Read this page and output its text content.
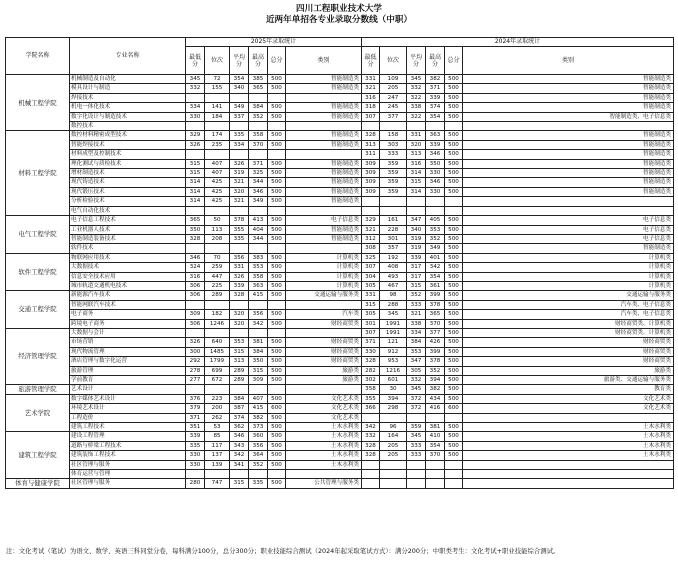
四川工程职业技术大学
近两年单招各专业录取分数线（中职）
学院名称	专业名称	2025年录取统计						2024年录取统计					
		最低分	位次	平均分	最高分	总分	类别	最低分	位次	平均分	最高分	总分	类别
机械工程学院	机械制造及自动化	345	72	354	385	500	智能制造类	331	109	345	382	500	智能制造类
	模具设计与制造	332	155	340	365	500	智能制造类	321	205	332	371	500	智能制造类
	焊接技术							316	247	322	339	500	智能制造类
	机电一体化技术	334	141	349	384	500	智能制造类	318	245	338	374	500	智能制造类
	数字化设计与制造技术	330	184	337	352	500	智能制造类	307	377	322	354	500	智能制造类、电子信息类
	数控技术												
材料工程学院	数控材料精密成型技术	329	174	335	358	500	智能制造类	328	158	331	363	500	智能制造类
	智能焊接技术	326	235	334	370	500	智能制造类	313	303	320	339	500	智能制造类
	材料成型及控制技术							311	333	313	346	500	智能制造类
	理化测试与质检技术	315	407	326	371	500	智能制造类	309	359	316	350	500	智能制造类
	增材制造技术	315	407	319	325	500	智能制造类	309	359	314	330	500	智能制造类
	现代铸造技术	314	425	321	344	500	智能制造类	309	359	315	346	500	智能制造类
	现代锻压技术	314	425	320	346	500	智能制造类	309	359	314	330	500	智能制造类
	分析检验技术	314	425	321	349	500	智能制造类						
	电气自动化技术												
电气工程学院	电子信息工程技术	365	50	378	413	500	电子信息类	329	161	347	405	500	电子信息类
	工业机器人技术	350	113	355	404	500	智能制造类	321	228	340	353	500	电子信息类
	智能制造装备技术	328	208	335	344	500	智能制造类	312	301	319	352	500	电子信息类
	软件技术							308	357	319	349	500	智能制造类
软件工程学院	物联网应用技术	346	70	356	383	500	计算机类	325	192	339	401	500	计算机类
	大数据技术	324	259	331	353	500	计算机类	307	408	317	342	500	计算机类
	信息安全技术应用	316	447	326	358	500	计算机类	304	493	317	354	500	计算机类
	城市轨道交通机电技术	306	225	339	363	500	计算机类	305	467	315	361	500	计算机类
交通工程学院	新能源汽车技术	306	289	328	415	500	交通运输与服务类	331	98	352	399	500	交通运输与服务类
	智能网联汽车技术							315	288	333	378	500	汽车类、电子信息类
	电子商务	309	182	320	356	500	汽车类	305	345	321	365	500	汽车类、电子信息类
	跨境电子商务	306	1246	320	342	500	财经商贸类	301	1991	338	370	500	财经商贸类、计算机类
经济管理学院	大数据与会计							307	1991	334	377	500	财经商贸类、计算机类
	市场营销	326	640	353	381	500	财经商贸类	371	121	384	426	500	财经商贸类
	现代物流管理	300	1485	315	384	500	财经商贸类	330	912	353	399	500	财经商贸类
	酒店管理与数字化运营	292	1799	313	350	500	财经商贸类	328	953	347	378	500	财经商贸类
	旅游管理	278	699	289	315	500	旅游类	282	1216	305	352	500	旅游类
	学前教育	277	672	289	309	500	旅游类	302	601	332	394	500	旅游类、交通运输与服务类
旅游管理学院	艺术设计							358	30	345	382	500	教育类
艺术学院	数字媒体艺术设计	376	223	384	407	500	文化艺术类	355	394	372	434	500	文化艺术类
	环境艺术设计	379	200	387	415	600	文化艺术类	366	298	372	416	600	文化艺术类
	工程造价	371	262	374	382	500	文化艺术类						
	建筑工程技术	351	53	362	373	500	土木水利类	342	96	359	381	500	土木水利类
建筑工程学院	建设工程管理	339	85	346	360	500	土木水利类	332	164	345	410	500	土木水利类
	道路与桥梁工程技术	335	117	343	356	500	土木水利类	328	205	333	354	500	土木水利类
	建筑装饰工程技术	330	137	342	364	500	土木水利类	328	205	333	370	500	土木水利类
	社区管理与服务	330	139	341	352	500	土木水利类						
	体育运营与管理												
体育与健康学院	社区管理与服务	280	747	315	335	500	公共管理与服务类						
注：文化考试（笔试）为语文、数学、英语三科同堂分卷，每科满分100分，总分300分；职业技能综合测试（2024年起采取笔试方式）：满分200分；中职类考生：文化考试+职业技能综合测试。
